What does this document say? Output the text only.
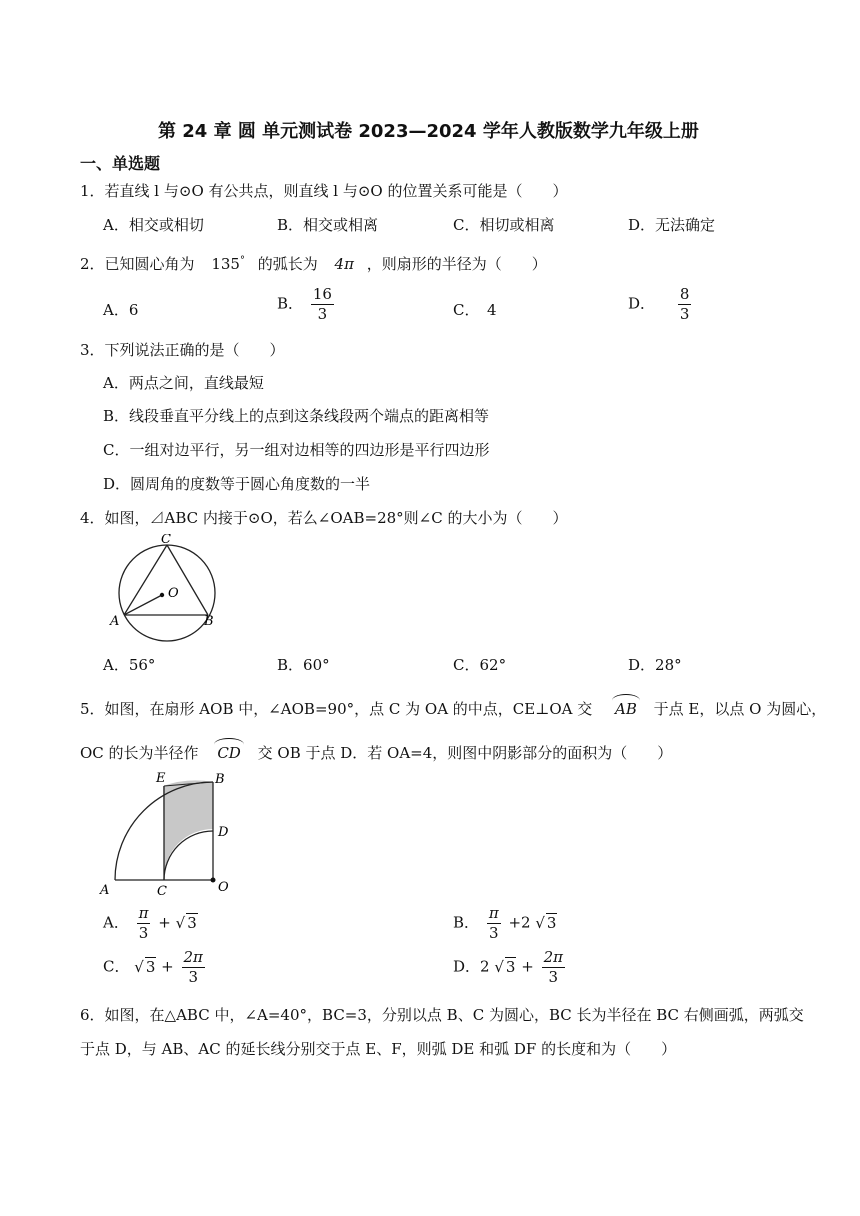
第 24 章 圆 单元测试卷 2023—2024 学年人教版数学九年级上册
一、单选题
1．若直线 l 与⊙O 有公共点，则直线 l 与⊙O 的位置关系可能是（　　）
A．相交或相切	B．相交或相离	C．相切或相离	D．无法确定
2．已知圆心角为 135° 的弧长为 4π ，则扇形的半径为（　　）
A．6	B． $\frac{16}{3}$	C．　4	D． $\frac{8}{3}$
3．下列说法正确的是（　　）
A．两点之间，直线最短
B．线段垂直平分线上的点到这条线段两个端点的距离相等
C．一组对边平行，另一组对边相等的四边形是平行四边形
D．圆周角的度数等于圆心角度数的一半
4．如图，⊿ABC 内接于⊙O，若么∠OAB=28°则∠C 的大小为（　　）
C
O
A	B
A．56°	B．60°	C．62°	D．28°
5．如图，在扇形 AOB 中，∠AOB=90°，点 C 为 OA 的中点，CE⊥OA 交 AB 于点 E，以点 O 为圆心，
OC 的长为半径作 CD 交 OB 于点 D．若 OA=4，则图中阴影部分的面积为（　　）
E	B
D
A	C	O
A． $\frac{\pi}{3}$ + √ 3	B． $\frac{\pi}{3} +2$ √ 3
C． √ $3 + \frac{2\pi}{3}$	D．2 √ $3 + \frac{2\pi}{3}$
6．如图，在△ABC 中，∠A=40°，BC=3，分别以点 B、C 为圆心，BC 长为半径在 BC 右侧画弧，两弧交
于点 D，与 AB、AC 的延长线分别交于点 E、F，则弧 DE 和弧 DF 的长度和为（　　）
